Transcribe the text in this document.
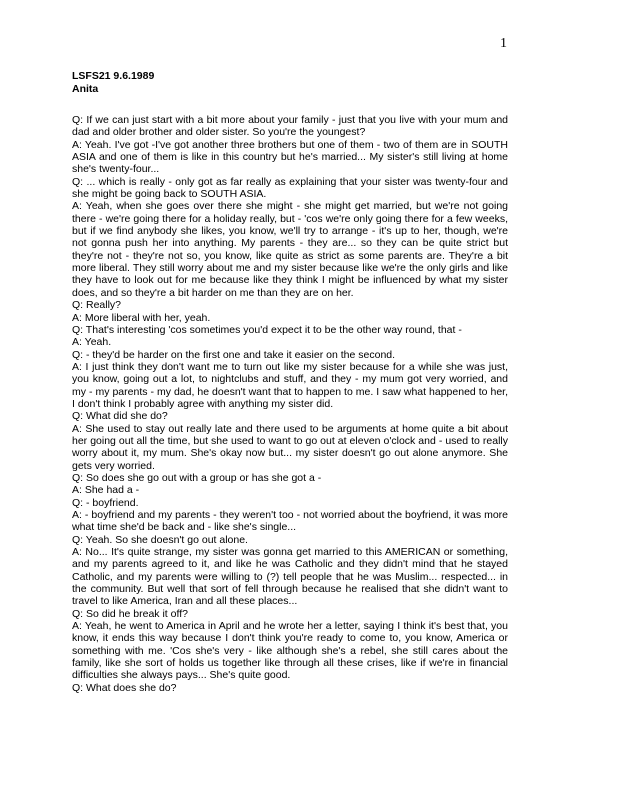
1
LSFS21 9.6.1989
Anita

Q: If we can just start with a bit more about your family - just that you live with your mum and dad and older brother and older sister. So you're the youngest?

A: Yeah. I've got -I've got another three brothers but one of them - two of them are in SOUTH ASIA and one of them is like in this country but he's married... My sister's still living at home she's twenty-four...

Q: ... which is really - only got as far really as explaining that your sister was twenty-four and she might be going back to SOUTH ASIA.

A: Yeah, when she goes over there she might - she might get married, but we're not going there - we're going there for a holiday really, but - 'cos we're only going there for a few weeks, but if we find anybody she likes, you know, we'll try to arrange - it's up to her, though, we're not gonna push her into anything. My parents - they are... so they can be quite strict but they're not - they're not so, you know, like quite as strict as some parents are. They're a bit more liberal. They still worry about me and my sister because like we're the only girls and like they have to look out for me because like they think I might be influenced by what my sister does, and so they're a bit harder on me than they are on her.

Q: Really?

A: More liberal with her, yeah.

Q: That's interesting 'cos sometimes you'd expect it to be the other way round, that -

A: Yeah.

Q: - they'd be harder on the first one and take it easier on the second.

A: I just think they don't want me to turn out like my sister because for a while she was just, you know, going out a lot, to nightclubs and stuff, and they - my mum got very worried, and my - my parents - my dad, he doesn't want that to happen to me. I saw what happened to her, I don't think I probably agree with anything my sister did.

Q: What did she do?

A: She used to stay out really late and there used to be arguments at home quite a bit about her going out all the time, but she used to want to go out at eleven o'clock and - used to really worry about it, my mum. She's okay now but... my sister doesn't go out alone anymore. She gets very worried.

Q: So does she go out with a group or has she got a -

A: She had a -

Q: - boyfriend.

A: - boyfriend and my parents - they weren't too - not worried about the boyfriend, it was more what time she'd be back and - like she's single...

Q: Yeah. So she doesn't go out alone.

A: No... It's quite strange, my sister was gonna get married to this AMERICAN or something, and my parents agreed to it, and like he was Catholic and they didn't mind that he stayed Catholic, and my parents were willing to (?) tell people that he was Muslim... respected... in the community. But well that sort of fell through because he realised that she didn't want to travel to like America, Iran and all these places...

Q: So did he break it off?

A: Yeah, he went to America in April and he wrote her a letter, saying I think it's best that, you know, it ends this way because I don't think you're ready to come to, you know, America or something with me. 'Cos she's very - like although she's a rebel, she still cares about the family, like she sort of holds us together like through all these crises, like if we're in financial difficulties she always pays... She's quite good.

Q: What does she do?
